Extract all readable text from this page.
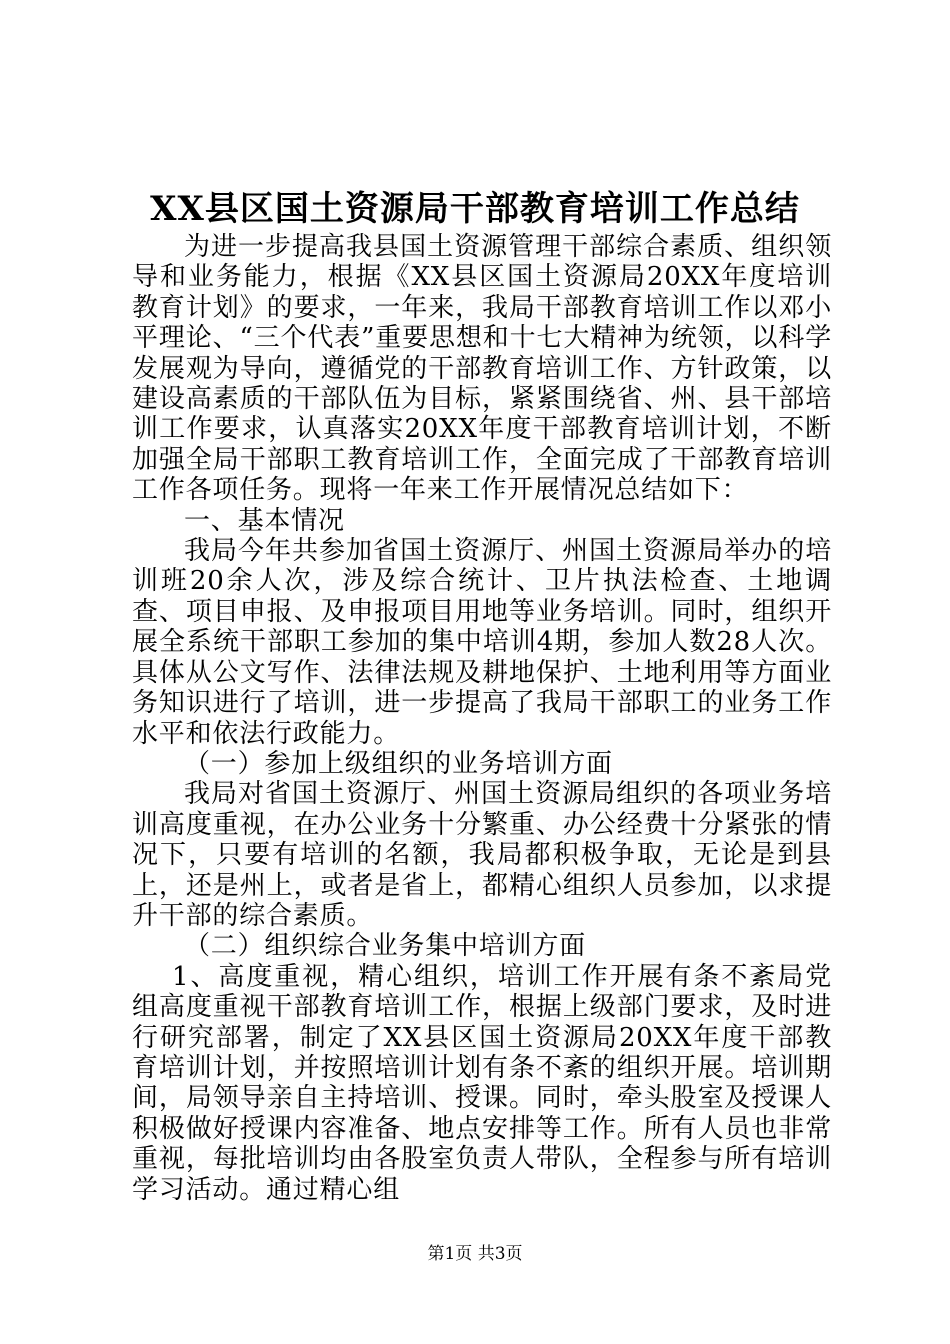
XX县区国土资源局干部教育培训工作总结

为进一步提高我县国土资源管理干部综合素质、组织领导和业务能力，根据《XX县区国土资源局20XX年度培训教育计划》的要求，一年来，我局干部教育培训工作以邓小平理论、“三个代表”重要思想和十七大精神为统领，以科学发展观为导向，遵循党的干部教育培训工作、方针政策，以建设高素质的干部队伍为目标，紧紧围绕省、州、县干部培训工作要求，认真落实20XX年度干部教育培训计划，不断加强全局干部职工教育培训工作，全面完成了干部教育培训工作各项任务。现将一年来工作开展情况总结如下：

一、基本情况

我局今年共参加省国土资源厅、州国土资源局举办的培训班20余人次，涉及综合统计、卫片执法检查、土地调查、项目申报、及申报项目用地等业务培训。同时，组织开展全系统干部职工参加的集中培训4期，参加人数28人次。具体从公文写作、法律法规及耕地保护、土地利用等方面业务知识进行了培训，进一步提高了我局干部职工的业务工作水平和依法行政能力。

（一）参加上级组织的业务培训方面

我局对省国土资源厅、州国土资源局组织的各项业务培训高度重视，在办公业务十分繁重、办公经费十分紧张的情况下，只要有培训的名额，我局都积极争取，无论是到县上，还是州上，或者是省上，都精心组织人员参加，以求提升干部的综合素质。

（二）组织综合业务集中培训方面

1、高度重视，精心组织，培训工作开展有条不紊局党组高度重视干部教育培训工作，根据上级部门要求，及时进行研究部署，制定了XX县区国土资源局20XX年度干部教育培训计划，并按照培训计划有条不紊的组织开展。培训期间，局领导亲自主持培训、授课。同时，牵头股室及授课人积极做好授课内容准备、地点安排等工作。所有人员也非常重视，每批培训均由各股室负责人带队，全程参与所有培训学习活动。通过精心组

第1页 共3页
